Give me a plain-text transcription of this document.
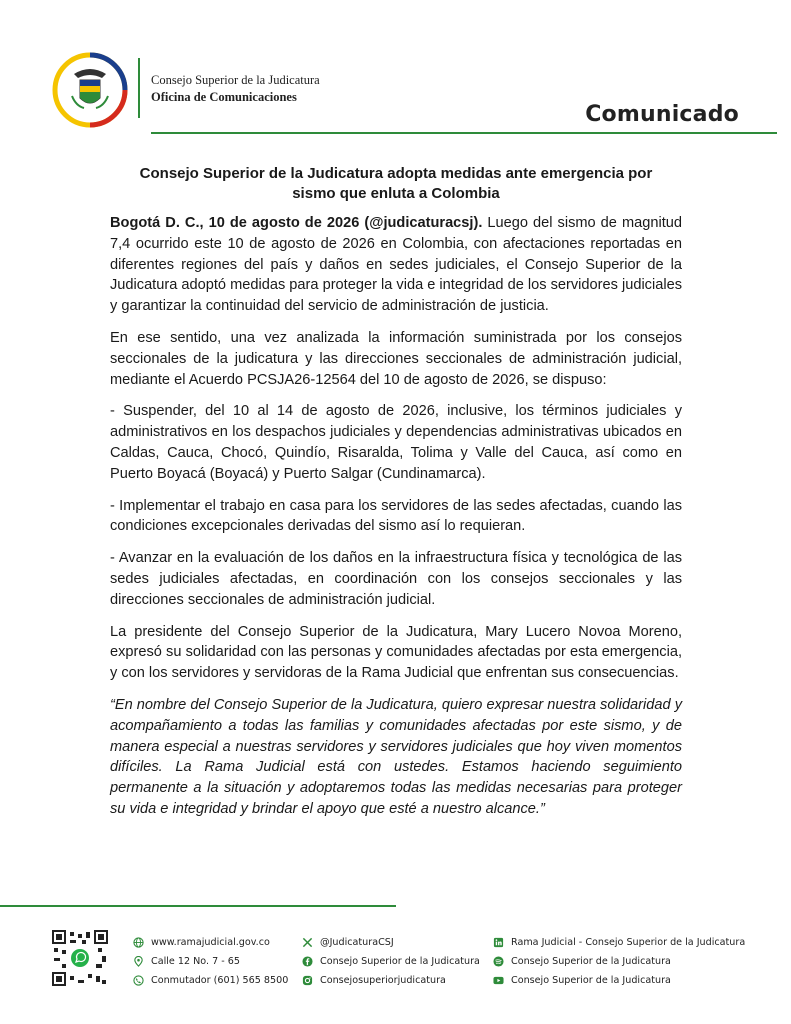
Consejo Superior de la Judicatura
Oficina de Comunicaciones
Comunicado
Consejo Superior de la Judicatura adopta medidas ante emergencia por
sismo que enluta a Colombia

Bogotá D. C., 10 de agosto de 2026 (@judicaturacsj). Luego del sismo de magnitud 7,4 ocurrido este 10 de agosto de 2026 en Colombia, con afectaciones reportadas en diferentes regiones del país y daños en sedes judiciales, el Consejo Superior de la Judicatura adoptó medidas para proteger la vida e integridad de los servidores judiciales y garantizar la continuidad del servicio de administración de justicia.

En ese sentido, una vez analizada la información suministrada por los consejos seccionales de la judicatura y las direcciones seccionales de administración judicial, mediante el Acuerdo PCSJA26-12564 del 10 de agosto de 2026, se dispuso:

- Suspender, del 10 al 14 de agosto de 2026, inclusive, los términos judiciales y administrativos en los despachos judiciales y dependencias administrativas ubicados en Caldas, Cauca, Chocó, Quindío, Risaralda, Tolima y Valle del Cauca, así como en Puerto Boyacá (Boyacá) y Puerto Salgar (Cundinamarca).

- Implementar el trabajo en casa para los servidores de las sedes afectadas, cuando las condiciones excepcionales derivadas del sismo así lo requieran.

- Avanzar en la evaluación de los daños en la infraestructura física y tecnológica de las sedes judiciales afectadas, en coordinación con los consejos seccionales y las direcciones seccionales de administración judicial.

La presidente del Consejo Superior de la Judicatura, Mary Lucero Novoa Moreno, expresó su solidaridad con las personas y comunidades afectadas por esta emergencia, y con los servidores y servidoras de la Rama Judicial que enfrentan sus consecuencias.

“En nombre del Consejo Superior de la Judicatura, quiero expresar nuestra solidaridad y acompañamiento a todas las familias y comunidades afectadas por este sismo, y de manera especial a nuestras servidores y servidores judiciales que hoy viven momentos difíciles. La Rama Judicial está con ustedes. Estamos haciendo seguimiento permanente a la situación y adoptaremos todas las medidas necesarias para proteger su vida e integridad y brindar el apoyo que esté a nuestro alcance.”

www.ramajudicial.gov.co
Calle 12 No. 7 - 65
Conmutador (601) 565 8500
@JudicaturaCSJ
Consejo Superior de la Judicatura
Consejosuperiorjudicatura
Rama Judicial - Consejo Superior de la Judicatura
Consejo Superior de la Judicatura
Consejo Superior de la Judicatura
